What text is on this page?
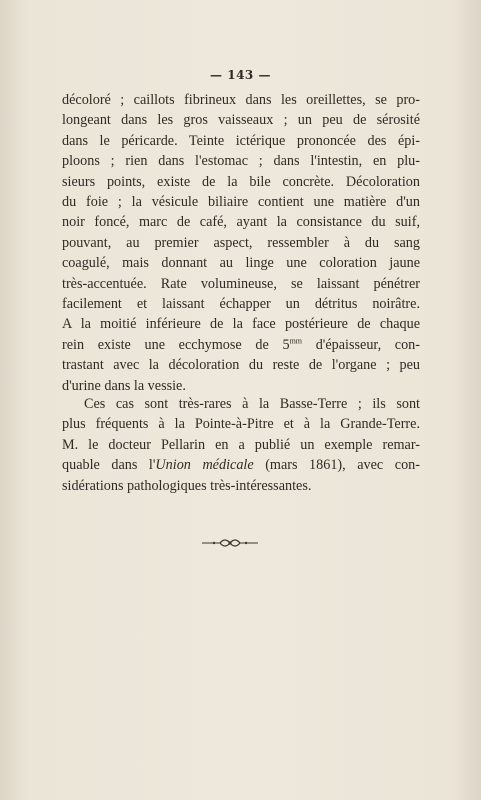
— 143 —
décoloré ; caillots fibrineux dans les oreillettes, se pro-
longeant dans les gros vaisseaux ; un peu de sérosité
dans le péricarde. Teinte ictérique prononcée des épi-
ploons ; rien dans l'estomac ; dans l'intestin, en plu-
sieurs points, existe de la bile concrète. Décoloration
du foie ; la vésicule biliaire contient une matière d'un
noir foncé, marc de café, ayant la consistance du suif,
pouvant, au premier aspect, ressembler à du sang
coagulé, mais donnant au linge une coloration jaune
très-accentuée. Rate volumineuse, se laissant pénétrer
facilement et laissant échapper un détritus noirâtre.
A la moitié inférieure de la face postérieure de chaque
rein existe une ecchymose de $5^{mm}$ d'épaisseur, con-
trastant avec la décoloration du reste de l'organe ; peu
d'urine dans la vessie.
Ces cas sont très-rares à la Basse-Terre ; ils sont
plus fréquents à la Pointe-à-Pitre et à la Grande-Terre.
M. le docteur Pellarin en a publié un exemple remar-
quable dans l'Union médicale (mars 1861), avec con-
sidérations pathologiques très-intéressantes.
